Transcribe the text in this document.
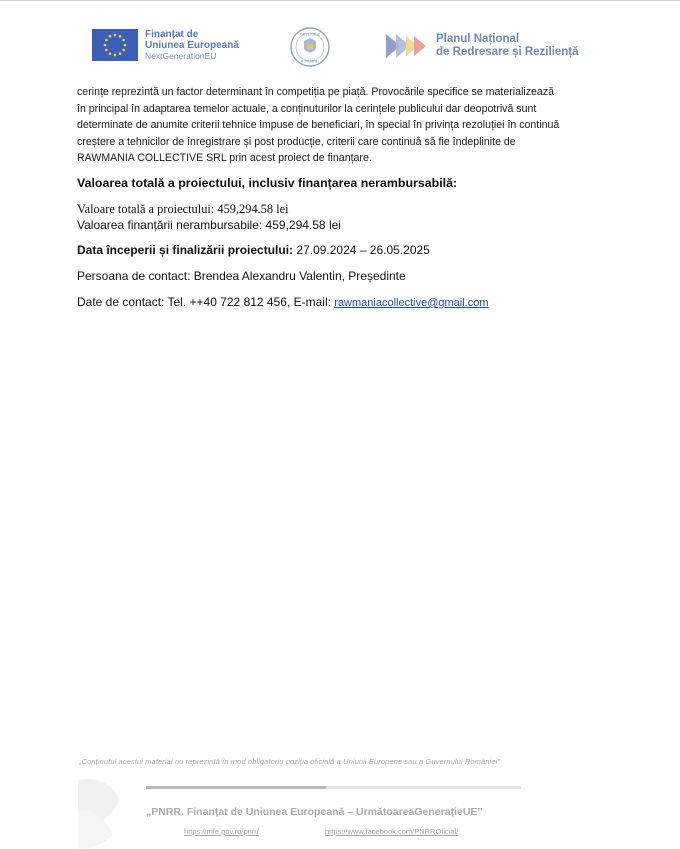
Finanțat de
Uniunea Europeană
NextGenerationEU
GUVERNUL
ROMÂNIEI
Planul Național
de Redresare și Reziliență

cerințe reprezintă un factor determinant în competiția pe piață. Provocările specifice se materializează

în principal în adaptarea temelor actuale, a conținuturilor la cerințele publicului dar deopotrivă sunt

determinate de anumite criterii tehnice impuse de beneficiari, în special în privința rezoluției în continuă

creștere a tehnicilor de înregistrare și post producție, criterii care continuă să fie îndeplinite de

RAWMANIA COLLECTIVE SRL prin acest proiect de finanțare.

Valoarea totală a proiectului, inclusiv finanțarea nerambursabilă:

Valoare totală a proiectului: 459,294.58 lei
Valoarea finanțării nerambursabile: 459,294.58 lei
Data începerii și finalizării proiectului: 27.09.2024 – 26.05.2025
Persoana de contact: Brendea Alexandru Valentin, Președinte
Date de contact: Tel. ++40 722 812 456, E-mail: rawmaniacollective@gmail.com
„Conținutul acestui material nu reprezintă în mod obligatoriu poziția oficială a Uniunii Europene sau a Guvernului României”
„PNRR. Finanțat de Uniunea Europeană – UrmătoareaGenerațieUE”
https://mfe.gov.ro/pnrr/	https://www.facebook.com/PNRROficial/
